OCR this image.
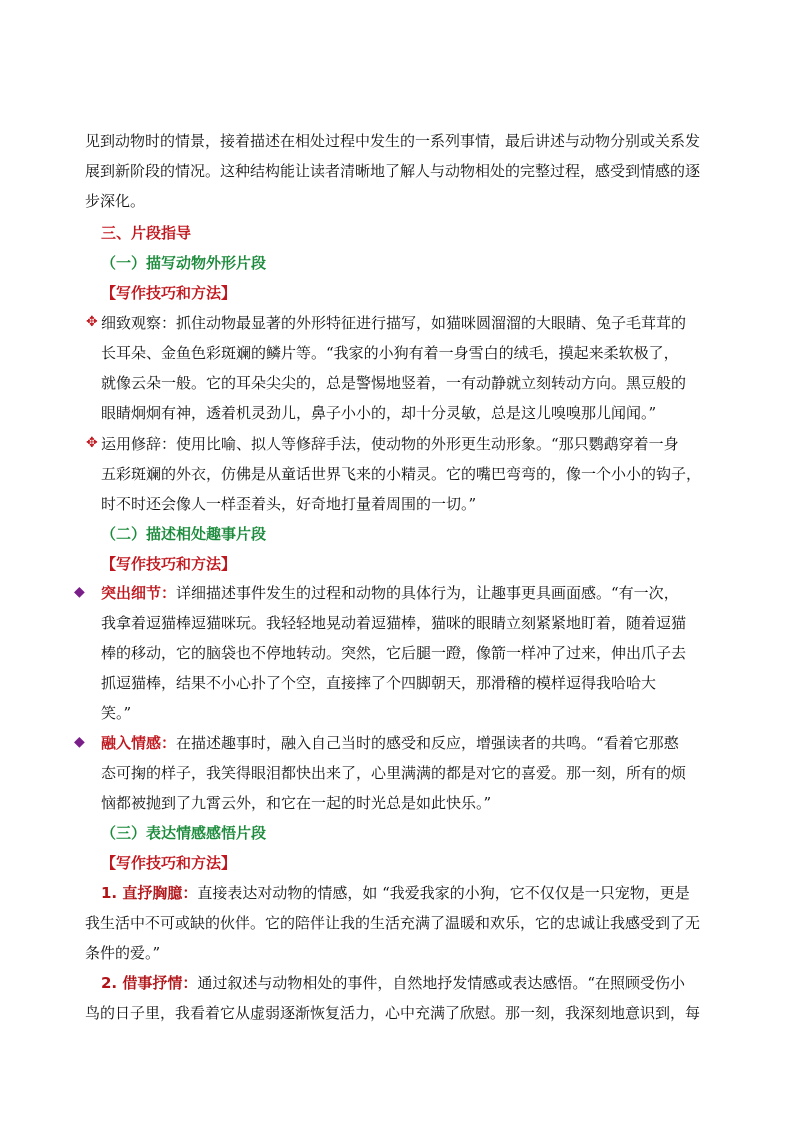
见到动物时的情景，接着描述在相处过程中发生的一系列事情，最后讲述与动物分别或关系发
展到新阶段的情况。这种结构能让读者清晰地了解人与动物相处的完整过程，感受到情感的逐
步深化。
三、片段指导
（一）描写动物外形片段
【写作技巧和方法】
✥ 细致观察：抓住动物最显著的外形特征进行描写，如猫咪圆溜溜的大眼睛、兔子毛茸茸的
长耳朵、金鱼色彩斑斓的鳞片等。“我家的小狗有着一身雪白的绒毛，摸起来柔软极了，
就像云朵一般。它的耳朵尖尖的，总是警惕地竖着，一有动静就立刻转动方向。黑豆般的
眼睛炯炯有神，透着机灵劲儿，鼻子小小的，却十分灵敏，总是这儿嗅嗅那儿闻闻。”
✥ 运用修辞：使用比喻、拟人等修辞手法，使动物的外形更生动形象。“那只鹦鹉穿着一身
五彩斑斓的外衣，仿佛是从童话世界飞来的小精灵。它的嘴巴弯弯的，像一个小小的钩子，
时不时还会像人一样歪着头，好奇地打量着周围的一切。”
（二）描述相处趣事片段
【写作技巧和方法】
◆ 突出细节：详细描述事件发生的过程和动物的具体行为，让趣事更具画面感。“有一次，
我拿着逗猫棒逗猫咪玩。我轻轻地晃动着逗猫棒，猫咪的眼睛立刻紧紧地盯着，随着逗猫
棒的移动，它的脑袋也不停地转动。突然，它后腿一蹬，像箭一样冲了过来，伸出爪子去
抓逗猫棒，结果不小心扑了个空，直接摔了个四脚朝天，那滑稽的模样逗得我哈哈大
笑。”
◆ 融入情感：在描述趣事时，融入自己当时的感受和反应，增强读者的共鸣。“看着它那憨
态可掬的样子，我笑得眼泪都快出来了，心里满满的都是对它的喜爱。那一刻，所有的烦
恼都被抛到了九霄云外，和它在一起的时光总是如此快乐。”
（三）表达情感感悟片段
【写作技巧和方法】
1. 直抒胸臆：直接表达对动物的情感，如 “我爱我家的小狗，它不仅仅是一只宠物，更是
我生活中不可或缺的伙伴。它的陪伴让我的生活充满了温暖和欢乐，它的忠诚让我感受到了无
条件的爱。”
2. 借事抒情：通过叙述与动物相处的事件，自然地抒发情感或表达感悟。“在照顾受伤小
鸟的日子里，我看着它从虚弱逐渐恢复活力，心中充满了欣慰。那一刻，我深刻地意识到，每
